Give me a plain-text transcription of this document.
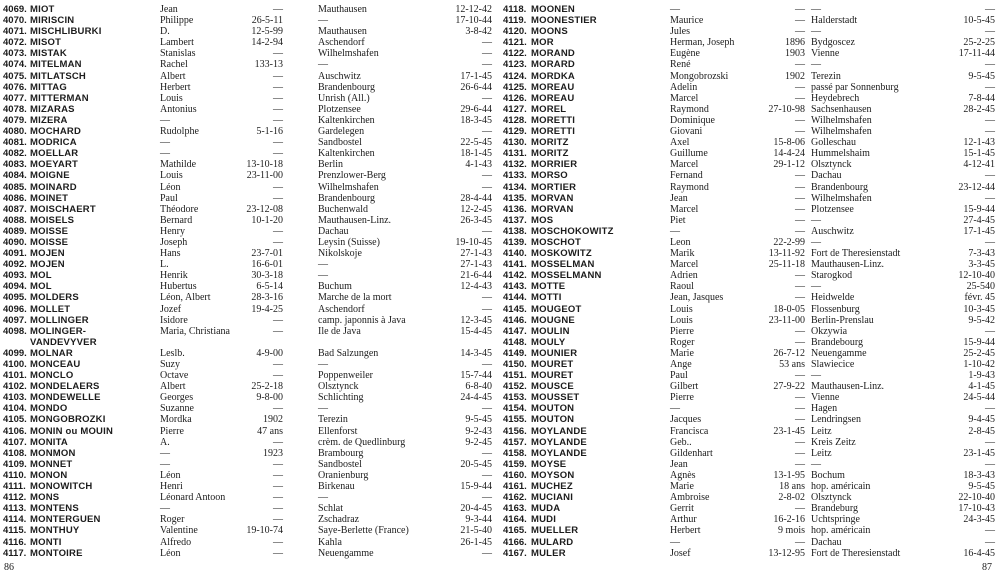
4069. MIOT	Jean	—	Mauthausen	12-12-42
4070. MIRISCIN	Philippe	26-5-11	—	17-10-44
4071. MISCHLIBURKI	D.	12-5-99	Mauthausen	3-8-42
4072. MISOT	Lambert	14-2-94	Aschendorf	—
4073. MISTAK	Stanislas	—	Wilhelmshafen	—
4074. MITELMAN	Rachel	133-13	—	—
4075. MITLATSCH	Albert	—	Auschwitz	17-1-45
4076. MITTAG	Herbert	—	Brandenbourg	26-6-44
4077. MITTERMAN	Louis	—	Unrish (All.)	—
4078. MIZARAS	Antonius	—	Plotzensee	29-6-44
4079. MIZERA	—	—	Kaltenkirchen	18-3-45
4080. MOCHARD	Rudolphe	5-1-16	Gardelegen	—
4081. MODRICA	—	—	Sandbostel	22-5-45
4082. MOELLAR	—	—	Kaltenkirchen	18-1-45
4083. MOEYART	Mathilde	13-10-18	Berlin	4-1-43
4084. MOIGNE	Louis	23-11-00	Prenzlower-Berg	—
4085. MOINARD	Léon	—	Wilhelmshafen	—
4086. MOINET	Paul	—	Brandenbourg	28-4-44
4087. MOISCHAERT	Théodore	23-12-08	Buchenwald	12-2-45
4088. MOISELS	Bernard	10-1-20	Mauthausen-Linz.	26-3-45
4089. MOISSE	Henry	—	Dachau	—
4090. MOISSE	Joseph	—	Leysin (Suisse)	19-10-45
4091. MOJEN	Hans	23-7-01	Nikolskoje	27-1-43
4092. MOJEN	L.	16-6-01	—	27-1-43
4093. MOL	Henrik	30-3-18	—	21-6-44
4094. MOL	Hubertus	6-5-14	Buchum	12-4-43
4095. MOLDERS	Léon, Albert	28-3-16	Marche de la mort	—
4096. MOLLET	Jozef	19-4-25	Aschendorf	—
4097. MOLLINGER	Isidore	—	camp. japonnis à Java	12-3-45
4098. MOLINGER-	Maria, Christiana	—	Ile de Java	15-4-45
VANDEVYVER
4099. MOLNAR	Leslb.	4-9-00	Bad Salzungen	14-3-45
4100. MONCEAU	Suzy	—	—	—
4101. MONCLO	Octave	—	Poppenweiler	15-7-44
4102. MONDELAERS	Albert	25-2-18	Olsztynck	6-8-40
4103. MONDEWELLE	Georges	9-8-00	Schlichting	24-4-45
4104. MONDO	Suzanne	—	—	—
4105. MONGOBROZKI	Mordka	1902	Terezin	9-5-45
4106. MONIN ou MOUIN	Pierre	47 ans	Ellenforst	9-2-43
4107. MONITA	A.	—	crèm. de Quedlinburg	9-2-45
4108. MONMON	—	1923	Brambourg	—
4109. MONNET	—	—	Sandbostel	20-5-45
4110. MONON	Léon	—	Oranienburg	—
4111. MONOWITCH	Henri	—	Birkenau	15-9-44
4112. MONS	Léonard Antoon	—	—	—
4113. MONTENS	—	—	Schlat	20-4-45
4114. MONTERGUEN	Roger	—	Zschadraz	9-3-44
4115. MONTHUY	Valentine	19-10-74	Saye-Berlette (France)	21-5-40
4116. MONTI	Alfredo	—	Kahla	26-1-45
4117. MONTOIRE	Léon	—	Neuengamme	—
4118. MOONEN	—	— —	—
4119. MOONESTIER	Maurice	— Halderstadt	10-5-45
4120. MOONS	Jules	— —	—
4121. MOR	Herman, Joseph	1896 Bydgoscez	25-2-25
4122. MORAND	Eugène	1903 Vienne	17-11-44
4123. MORARD	René	— —	—
4124. MORDKA	Mongobrozski	1902 Terezin	9-5-45
4125. MOREAU	Adelin	— passé par Sonnenburg	—
4126. MOREAU	Marcel	— Heydebrech	7-8-44
4127. MOREL	Raymond	27-10-98 Sachsenhausen	28-2-45
4128. MORETTI	Dominique	— Wilhelmshafen	—
4129. MORETTI	Giovani	— Wilhelmshafen	—
4130. MORITZ	Axel	15-8-06 Golleschau	12-1-43
4131. MORITZ	Guillume	14-4-24 Hummelshaim	15-1-45
4132. MORRIER	Marcel	29-1-12 Olsztynck	4-12-41
4133. MORSO	Fernand	— Dachau	—
4134. MORTIER	Raymond	— Brandenbourg	23-12-44
4135. MORVAN	Jean	— Wilhelmshafen	—
4136. MORVAN	Marcel	— Plotzensee	15-9-44
4137. MOS	Piet	— —	27-4-45
4138. MOSCHOKOWITZ	—	— Auschwitz	17-1-45
4139. MOSCHOT	Leon	22-2-99 —	—
4140. MOSKOWITZ	Marik	13-11-92 Fort de Theresienstadt	7-3-43
4141. MOSSELMAN	Marcel	25-11-18 Mauthausen-Linz.	3-3-45
4142. MOSSELMANN	Adrien	— Starogkod	12-10-40
4143. MOTTE	Raoul	— —	25-540
4144. MOTTI	Jean, Jasques	— Heidwelde	févr. 45
4145. MOUGEOT	Louis	18-0-05 Flossenburg	10-3-45
4146. MOUGNE	Louis	23-11-00 Berlin-Prenslau	9-5-42
4147. MOULIN	Pierre	— Okzywia	—
4148. MOULY	Roger	— Brandebourg	15-9-44
4149. MOUNIER	Marie	26-7-12 Neuengamme	25-2-45
4150. MOURET	Ange	53 ans Slawiecice	1-10-42
4151. MOURET	Paul	— —	1-9-43
4152. MOUSCE	Gilbert	27-9-22 Mauthausen-Linz.	4-1-45
4153. MOUSSET	Pierre	— Vienne	24-5-44
4154. MOUTON	—	— Hagen	—
4155. MOUTON	Jacques	— Lendringsen	9-4-45
4156. MOYLANDE	Francisca	23-1-45 Leitz	2-8-45
4157. MOYLANDE	Geb..	— Kreis Zeitz	—
4158. MOYLANDE	Gildenhart	— Leitz	23-1-45
4159. MOYSE	Jean	— —	—
4160. MOYSON	Agnès	13-1-95 Bochum	18-3-43
4161. MUCHEZ	Marie	18 ans hop. américain	9-5-45
4162. MUCIANI	Ambroise	2-8-02 Olsztynck	22-10-40
4163. MUDA	Gerrit	— Brandeburg	17-10-43
4164. MUDI	Arthur	16-2-16 Uchtspringe	24-3-45
4165. MUELLER	Herbert	9 mois hop. américain	—
4166. MULARD	—	— Dachau	—
4167. MULER	Josef	13-12-95 Fort de Theresienstadt	16-4-45
86	87
